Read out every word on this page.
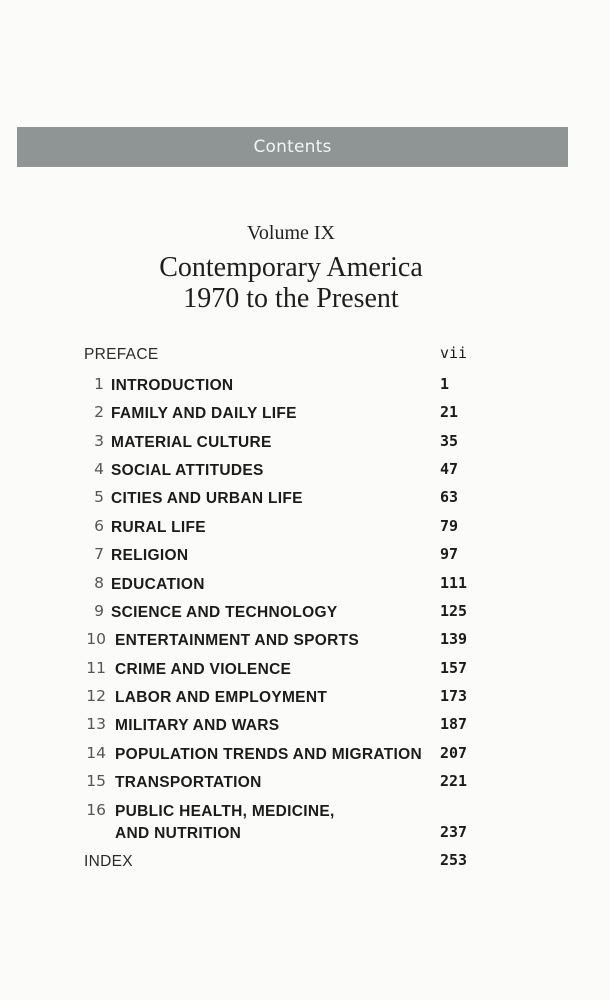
Contents
Volume IX
Contemporary America
1970 to the Present
PREFACE	vii
1 INTRODUCTION	1
2 FAMILY AND DAILY LIFE	21
3 MATERIAL CULTURE	35
4 SOCIAL ATTITUDES	47
5 CITIES AND URBAN LIFE	63
6 RURAL LIFE	79
7 RELIGION	97
8 EDUCATION	111
9 SCIENCE AND TECHNOLOGY	125
10 ENTERTAINMENT AND SPORTS	139
11 CRIME AND VIOLENCE	157
12 LABOR AND EMPLOYMENT	173
13 MILITARY AND WARS	187
14 POPULATION TRENDS AND MIGRATION 207
15 TRANSPORTATION	221
16 PUBLIC HEALTH, MEDICINE,
AND NUTRITION	237
INDEX	253
